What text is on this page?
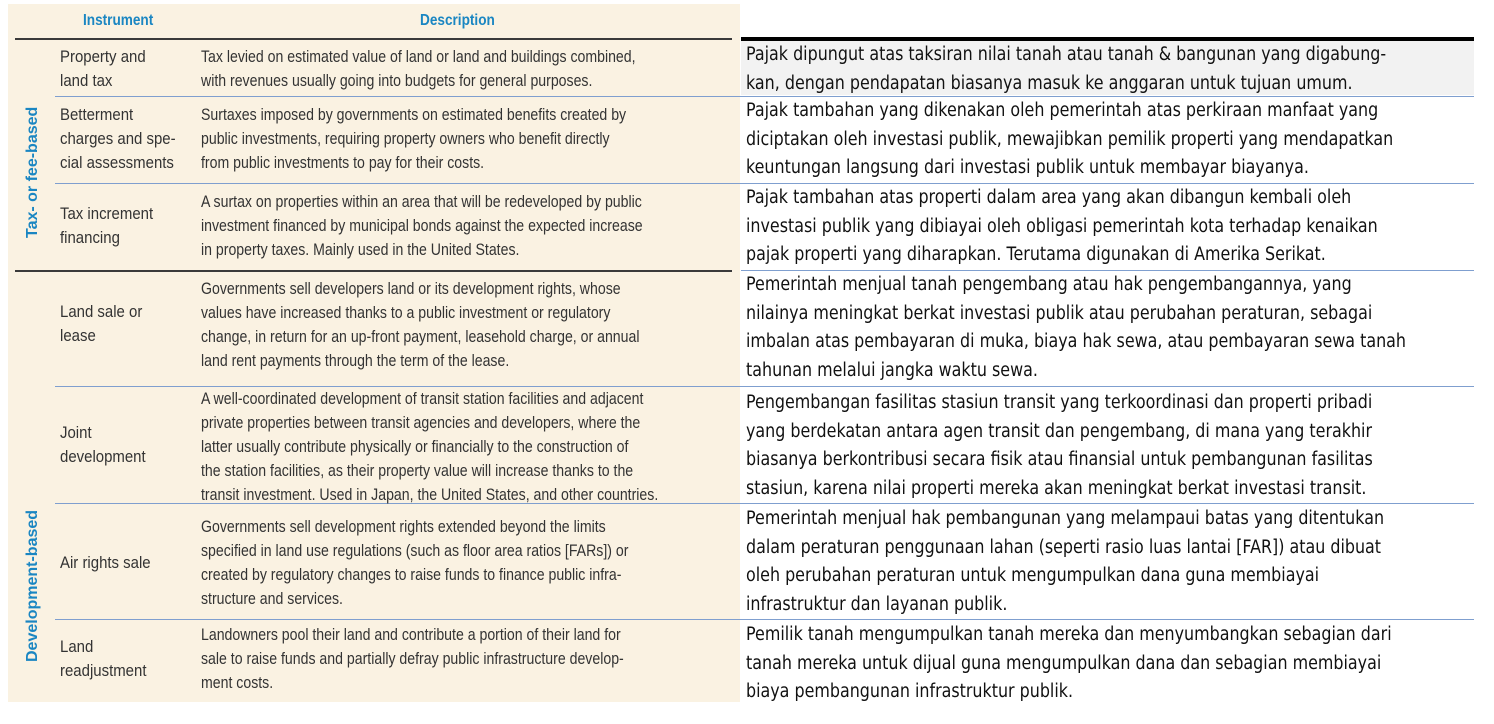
Instrument	Description
Tax- or fee-based
Development-based
Property and
land tax
Tax levied on estimated value of land or land and buildings combined,
with revenues usually going into budgets for general purposes.
Pajak dipungut atas taksiran nilai tanah atau tanah & bangunan yang digabung-
kan, dengan pendapatan biasanya masuk ke anggaran untuk tujuan umum.
Betterment
charges and spe-
cial assessments
Surtaxes imposed by governments on estimated benefits created by
public investments, requiring property owners who benefit directly
from public investments to pay for their costs.
Pajak tambahan yang dikenakan oleh pemerintah atas perkiraan manfaat yang
diciptakan oleh investasi publik, mewajibkan pemilik properti yang mendapatkan
keuntungan langsung dari investasi publik untuk membayar biayanya.
Tax increment
financing
A surtax on properties within an area that will be redeveloped by public
investment financed by municipal bonds against the expected increase
in property taxes. Mainly used in the United States.
Pajak tambahan atas properti dalam area yang akan dibangun kembali oleh
investasi publik yang dibiayai oleh obligasi pemerintah kota terhadap kenaikan
pajak properti yang diharapkan. Terutama digunakan di Amerika Serikat.
Land sale or
lease
Governments sell developers land or its development rights, whose
values have increased thanks to a public investment or regulatory
change, in return for an up-front payment, leasehold charge, or annual
land rent payments through the term of the lease.
Pemerintah menjual tanah pengembang atau hak pengembangannya, yang
nilainya meningkat berkat investasi publik atau perubahan peraturan, sebagai
imbalan atas pembayaran di muka, biaya hak sewa, atau pembayaran sewa tanah
tahunan melalui jangka waktu sewa.
Joint
development
A well-coordinated development of transit station facilities and adjacent
private properties between transit agencies and developers, where the
latter usually contribute physically or financially to the construction of
the station facilities, as their property value will increase thanks to the
transit investment. Used in Japan, the United States, and other countries.
Pengembangan fasilitas stasiun transit yang terkoordinasi dan properti pribadi
yang berdekatan antara agen transit dan pengembang, di mana yang terakhir
biasanya berkontribusi secara fisik atau finansial untuk pembangunan fasilitas
stasiun, karena nilai properti mereka akan meningkat berkat investasi transit.
Air rights sale
Governments sell development rights extended beyond the limits
specified in land use regulations (such as floor area ratios [FARs]) or
created by regulatory changes to raise funds to finance public infra-
structure and services.
Pemerintah menjual hak pembangunan yang melampaui batas yang ditentukan
dalam peraturan penggunaan lahan (seperti rasio luas lantai [FAR]) atau dibuat
oleh perubahan peraturan untuk mengumpulkan dana guna membiayai
infrastruktur dan layanan publik.
Land
readjustment
Landowners pool their land and contribute a portion of their land for
sale to raise funds and partially defray public infrastructure develop-
ment costs.
Pemilik tanah mengumpulkan tanah mereka dan menyumbangkan sebagian dari
tanah mereka untuk dijual guna mengumpulkan dana dan sebagian membiayai
biaya pembangunan infrastruktur publik.
